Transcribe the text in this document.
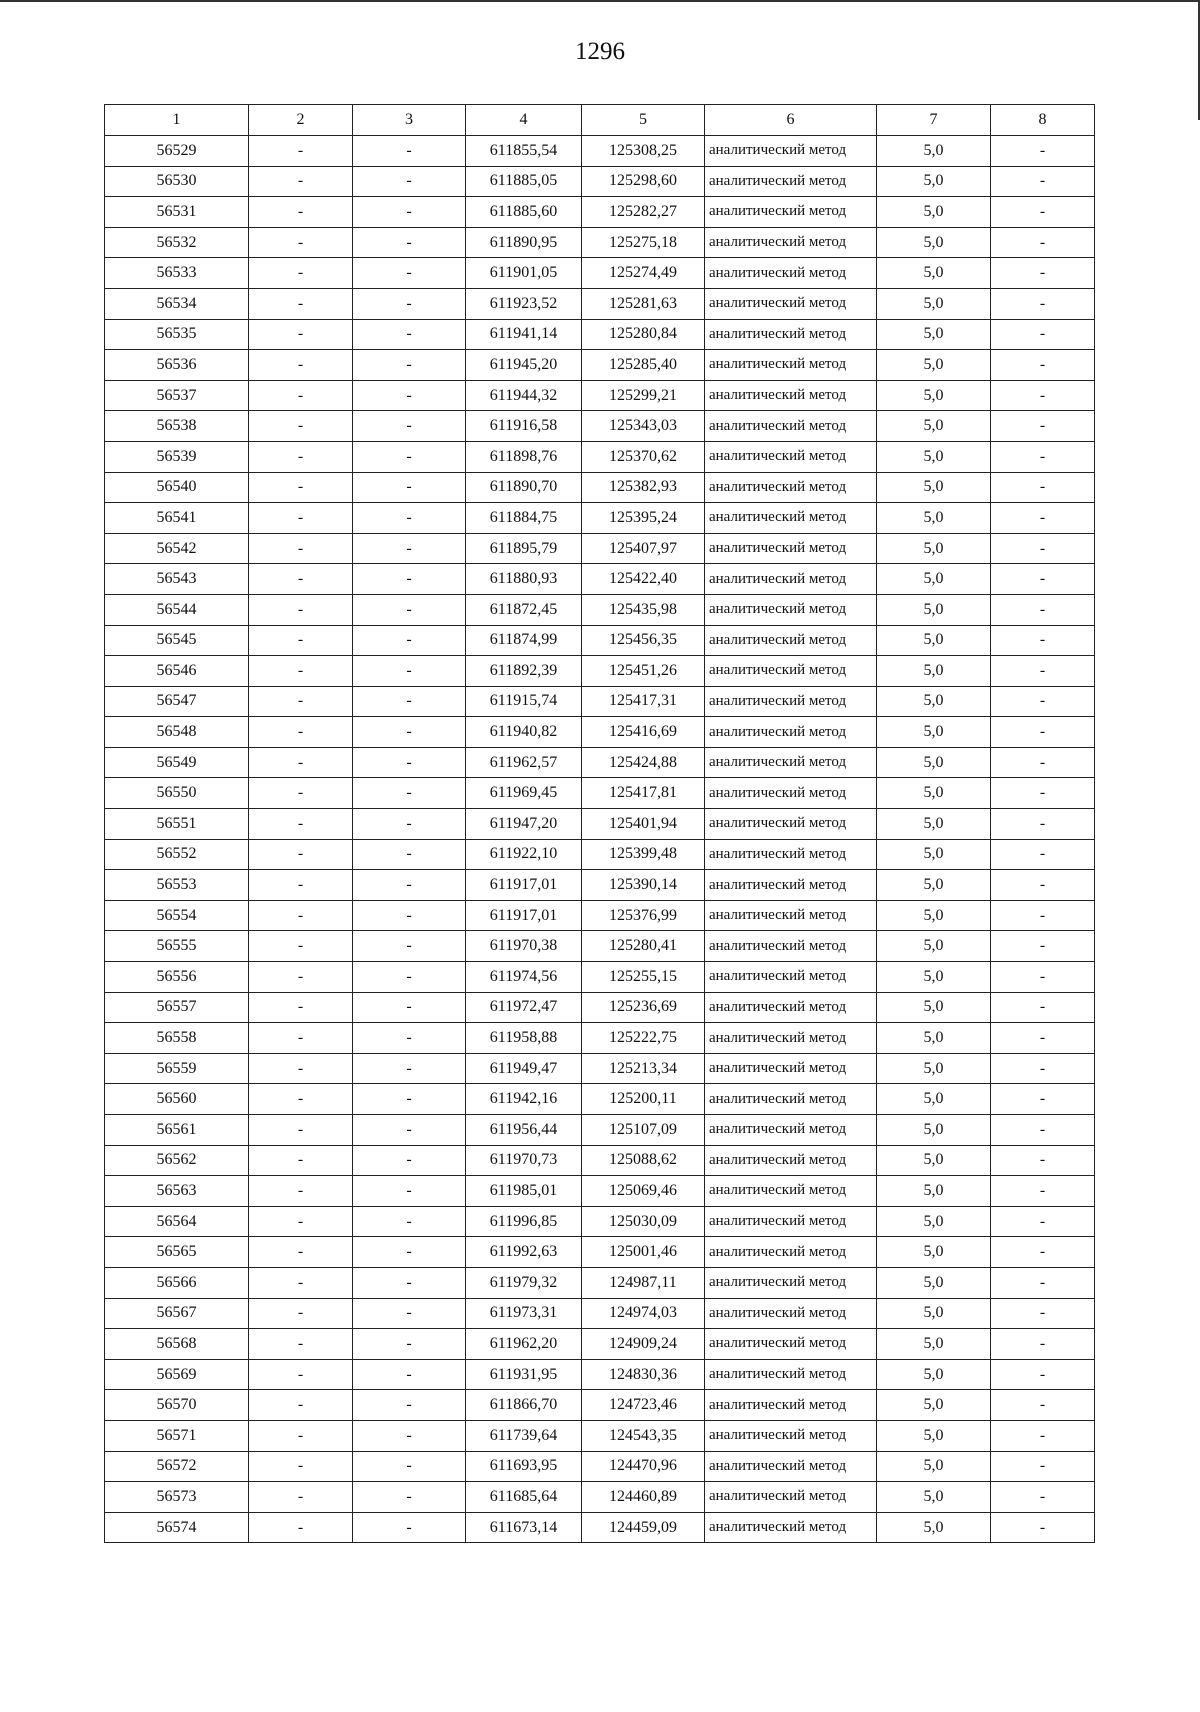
1296
1	2	3	4	5	6	7	8
56529	-	-	611855,54	125308,25	аналитический метод	5,0	-
56530	-	-	611885,05	125298,60	аналитический метод	5,0	-
56531	-	-	611885,60	125282,27	аналитический метод	5,0	-
56532	-	-	611890,95	125275,18	аналитический метод	5,0	-
56533	-	-	611901,05	125274,49	аналитический метод	5,0	-
56534	-	-	611923,52	125281,63	аналитический метод	5,0	-
56535	-	-	611941,14	125280,84	аналитический метод	5,0	-
56536	-	-	611945,20	125285,40	аналитический метод	5,0	-
56537	-	-	611944,32	125299,21	аналитический метод	5,0	-
56538	-	-	611916,58	125343,03	аналитический метод	5,0	-
56539	-	-	611898,76	125370,62	аналитический метод	5,0	-
56540	-	-	611890,70	125382,93	аналитический метод	5,0	-
56541	-	-	611884,75	125395,24	аналитический метод	5,0	-
56542	-	-	611895,79	125407,97	аналитический метод	5,0	-
56543	-	-	611880,93	125422,40	аналитический метод	5,0	-
56544	-	-	611872,45	125435,98	аналитический метод	5,0	-
56545	-	-	611874,99	125456,35	аналитический метод	5,0	-
56546	-	-	611892,39	125451,26	аналитический метод	5,0	-
56547	-	-	611915,74	125417,31	аналитический метод	5,0	-
56548	-	-	611940,82	125416,69	аналитический метод	5,0	-
56549	-	-	611962,57	125424,88	аналитический метод	5,0	-
56550	-	-	611969,45	125417,81	аналитический метод	5,0	-
56551	-	-	611947,20	125401,94	аналитический метод	5,0	-
56552	-	-	611922,10	125399,48	аналитический метод	5,0	-
56553	-	-	611917,01	125390,14	аналитический метод	5,0	-
56554	-	-	611917,01	125376,99	аналитический метод	5,0	-
56555	-	-	611970,38	125280,41	аналитический метод	5,0	-
56556	-	-	611974,56	125255,15	аналитический метод	5,0	-
56557	-	-	611972,47	125236,69	аналитический метод	5,0	-
56558	-	-	611958,88	125222,75	аналитический метод	5,0	-
56559	-	-	611949,47	125213,34	аналитический метод	5,0	-
56560	-	-	611942,16	125200,11	аналитический метод	5,0	-
56561	-	-	611956,44	125107,09	аналитический метод	5,0	-
56562	-	-	611970,73	125088,62	аналитический метод	5,0	-
56563	-	-	611985,01	125069,46	аналитический метод	5,0	-
56564	-	-	611996,85	125030,09	аналитический метод	5,0	-
56565	-	-	611992,63	125001,46	аналитический метод	5,0	-
56566	-	-	611979,32	124987,11	аналитический метод	5,0	-
56567	-	-	611973,31	124974,03	аналитический метод	5,0	-
56568	-	-	611962,20	124909,24	аналитический метод	5,0	-
56569	-	-	611931,95	124830,36	аналитический метод	5,0	-
56570	-	-	611866,70	124723,46	аналитический метод	5,0	-
56571	-	-	611739,64	124543,35	аналитический метод	5,0	-
56572	-	-	611693,95	124470,96	аналитический метод	5,0	-
56573	-	-	611685,64	124460,89	аналитический метод	5,0	-
56574	-	-	611673,14	124459,09	аналитический метод	5,0	-
